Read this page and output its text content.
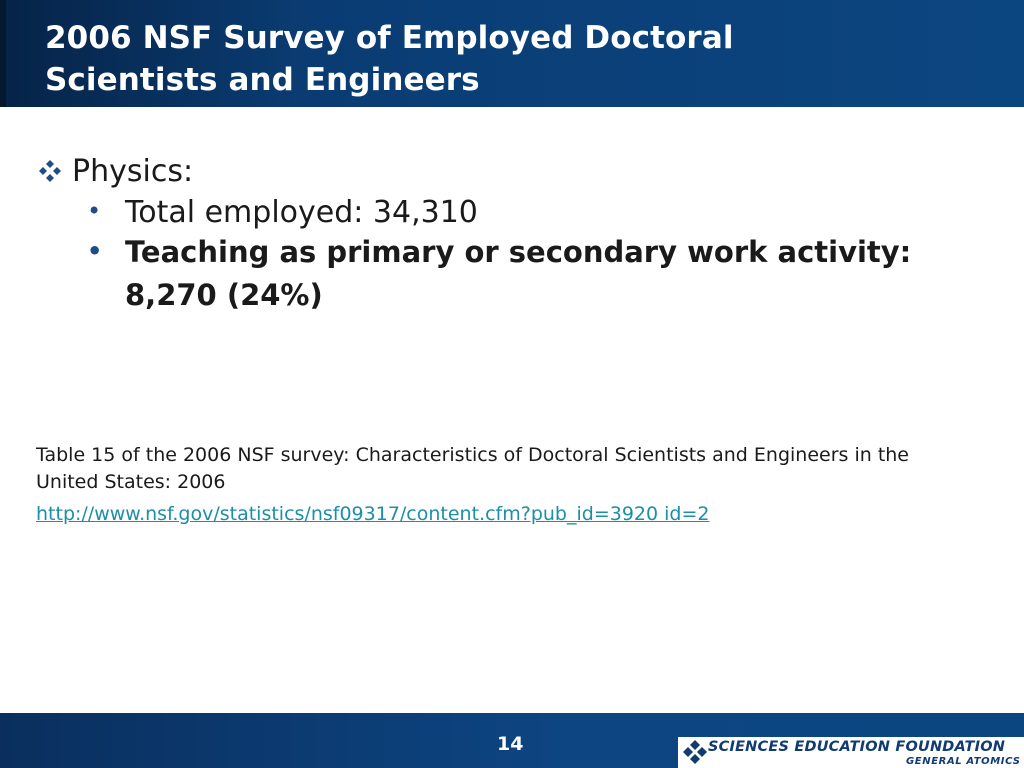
2006 NSF Survey of Employed Doctoral
Scientists and Engineers
Physics:
• Total employed: 34,310
• Teaching as primary or secondary work activity:
8,270 (24%)
Table 15 of the 2006 NSF survey: Characteristics of Doctoral Scientists and Engineers in the United States: 2006
http://www.nsf.gov/statistics/nsf09317/content.cfm?pub_id=3920 id=2
14	SCIENCES EDUCATION FOUNDATION
GENERAL ATOMICS
